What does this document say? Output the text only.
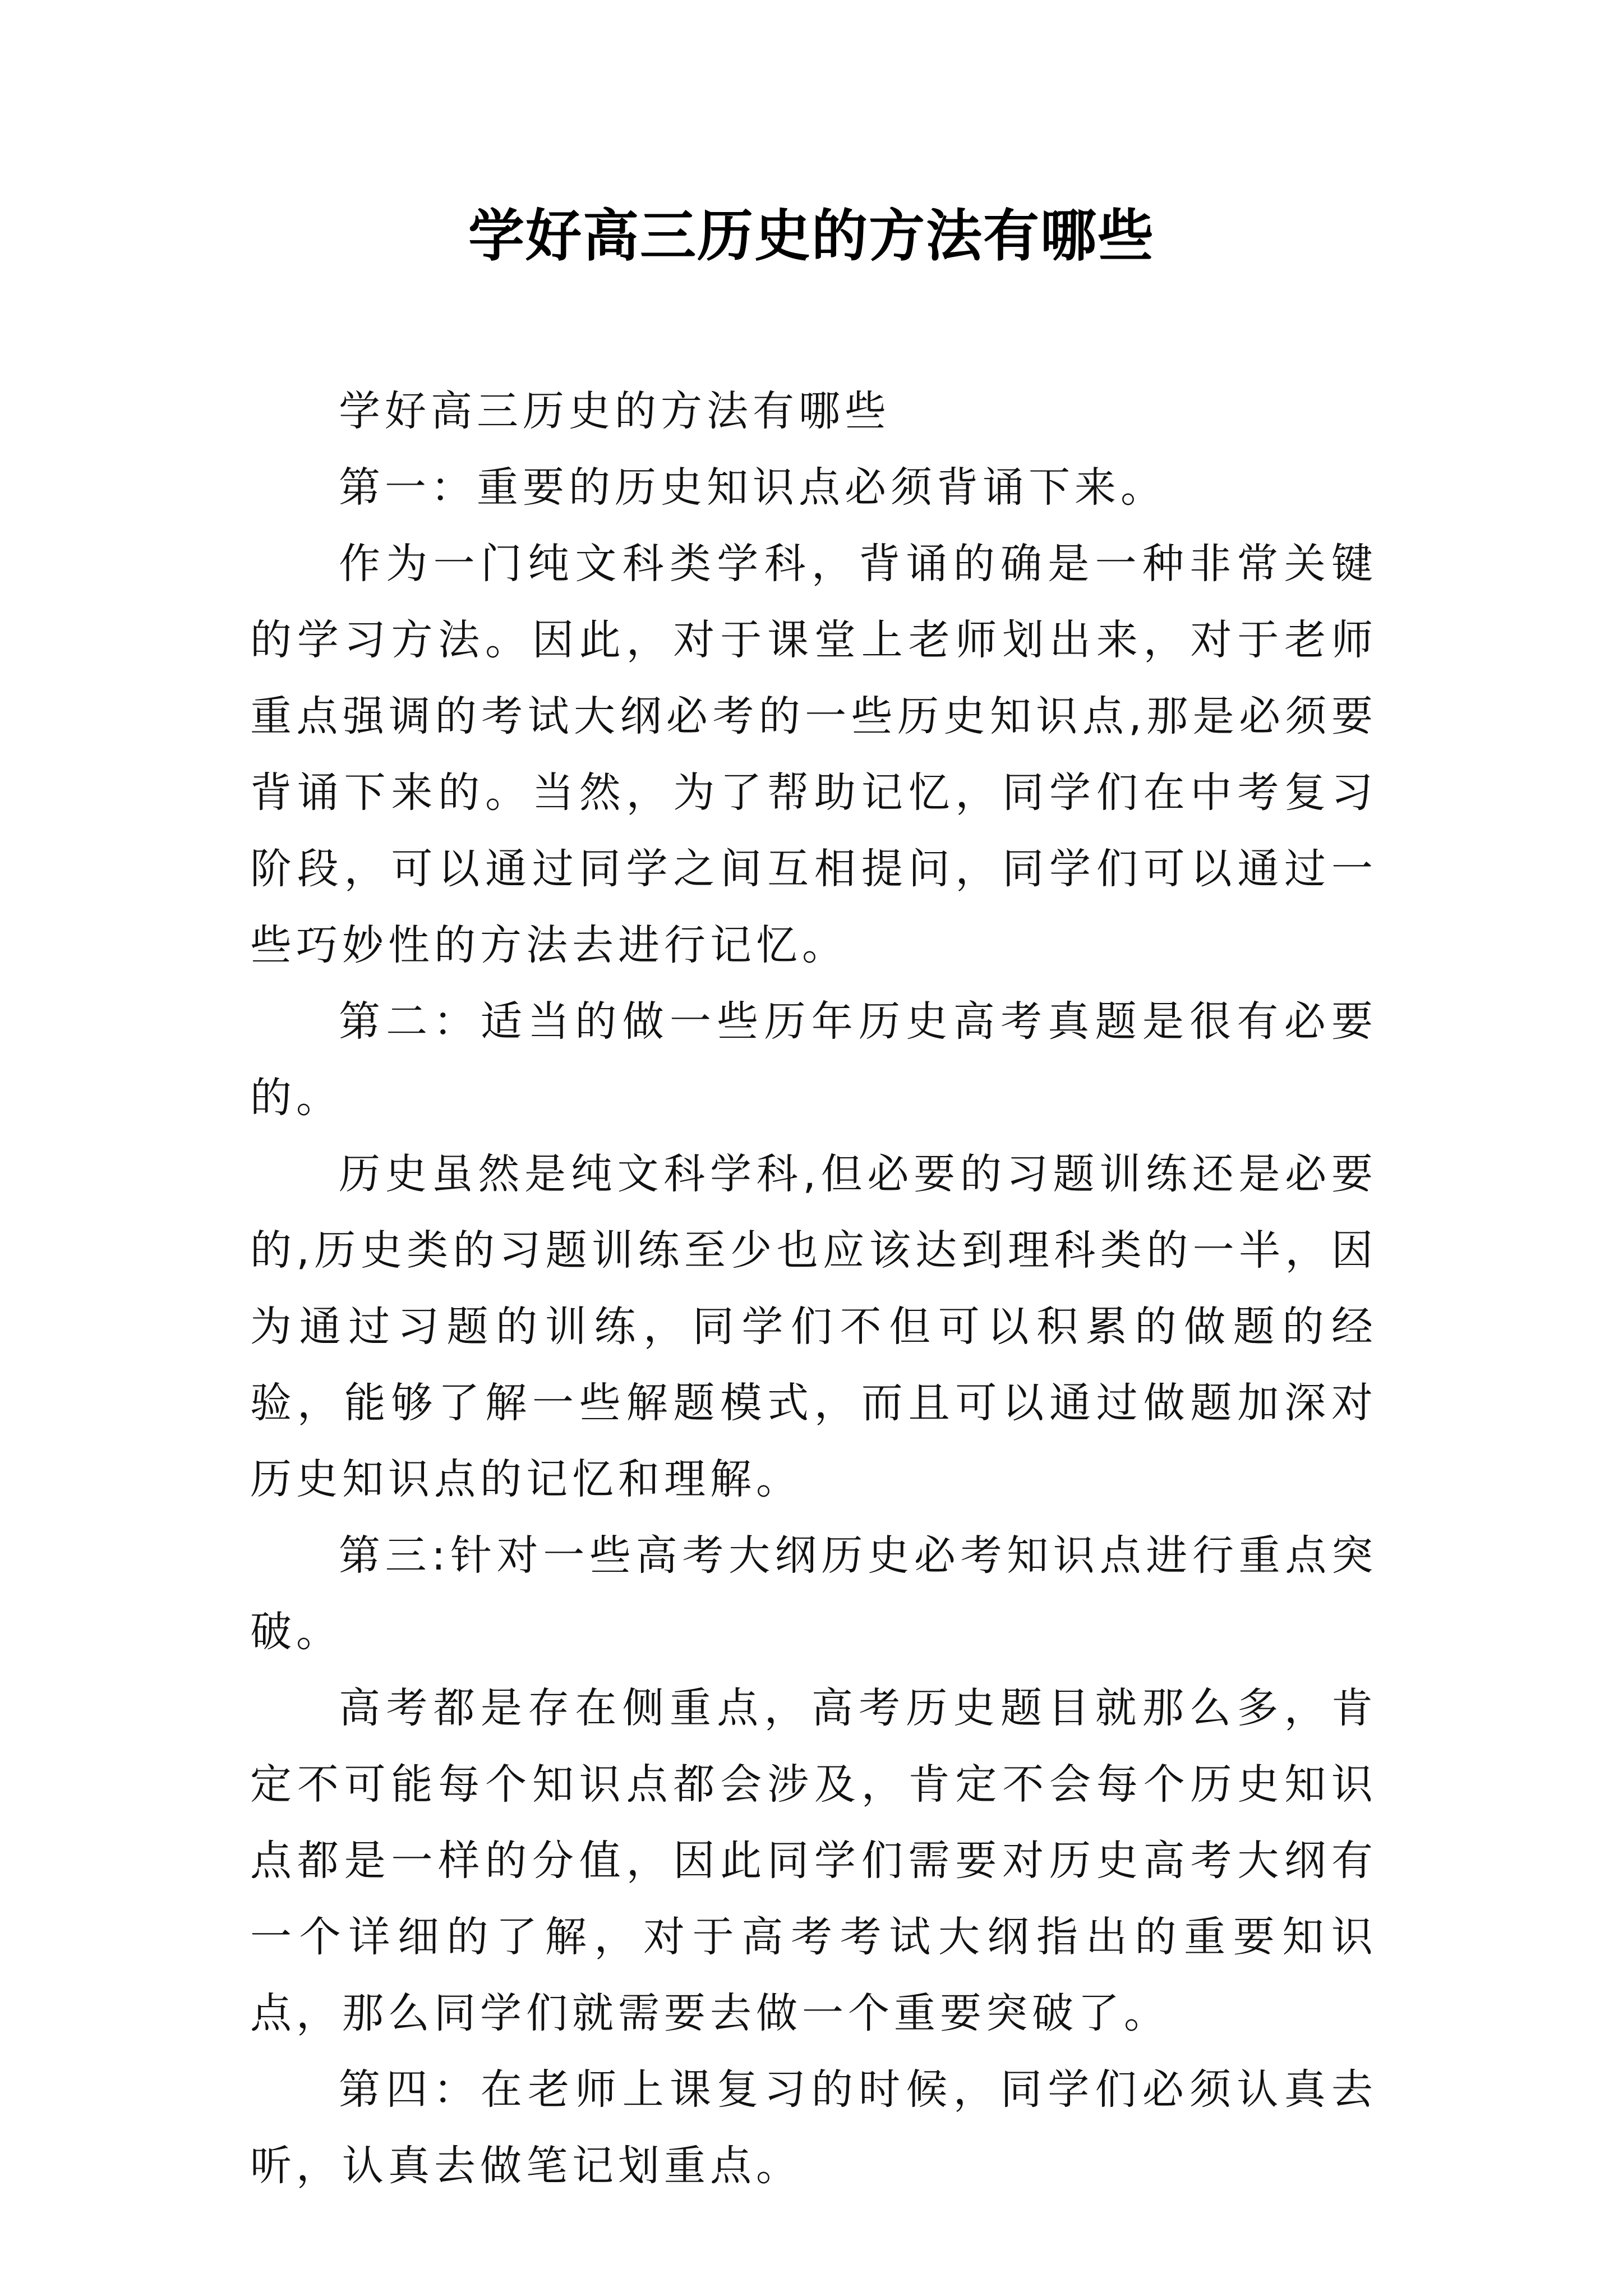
学好高三历史的方法有哪些

学好高三历史的方法有哪些

第一：重要的历史知识点必须背诵下来。

作为一门纯文科类学科，背诵的确是一种非常关键的学习方法。因此，对于课堂上老师划出来，对于老师重点强调的考试大纲必考的一些历史知识点,那是必须要背诵下来的。当然，为了帮助记忆，同学们在中考复习阶段，可以通过同学之间互相提问，同学们可以通过一些巧妙性的方法去进行记忆。

第二：适当的做一些历年历史高考真题是很有必要的。

历史虽然是纯文科学科,但必要的习题训练还是必要的,历史类的习题训练至少也应该达到理科类的一半，因为通过习题的训练，同学们不但可以积累的做题的经验，能够了解一些解题模式，而且可以通过做题加深对历史知识点的记忆和理解。

第三:针对一些高考大纲历史必考知识点进行重点突破。

高考都是存在侧重点，高考历史题目就那么多，肯定不可能每个知识点都会涉及，肯定不会每个历史知识点都是一样的分值，因此同学们需要对历史高考大纲有一个详细的了解，对于高考考试大纲指出的重要知识点，那么同学们就需要去做一个重要突破了。

第四：在老师上课复习的时候，同学们必须认真去听，认真去做笔记划重点。
